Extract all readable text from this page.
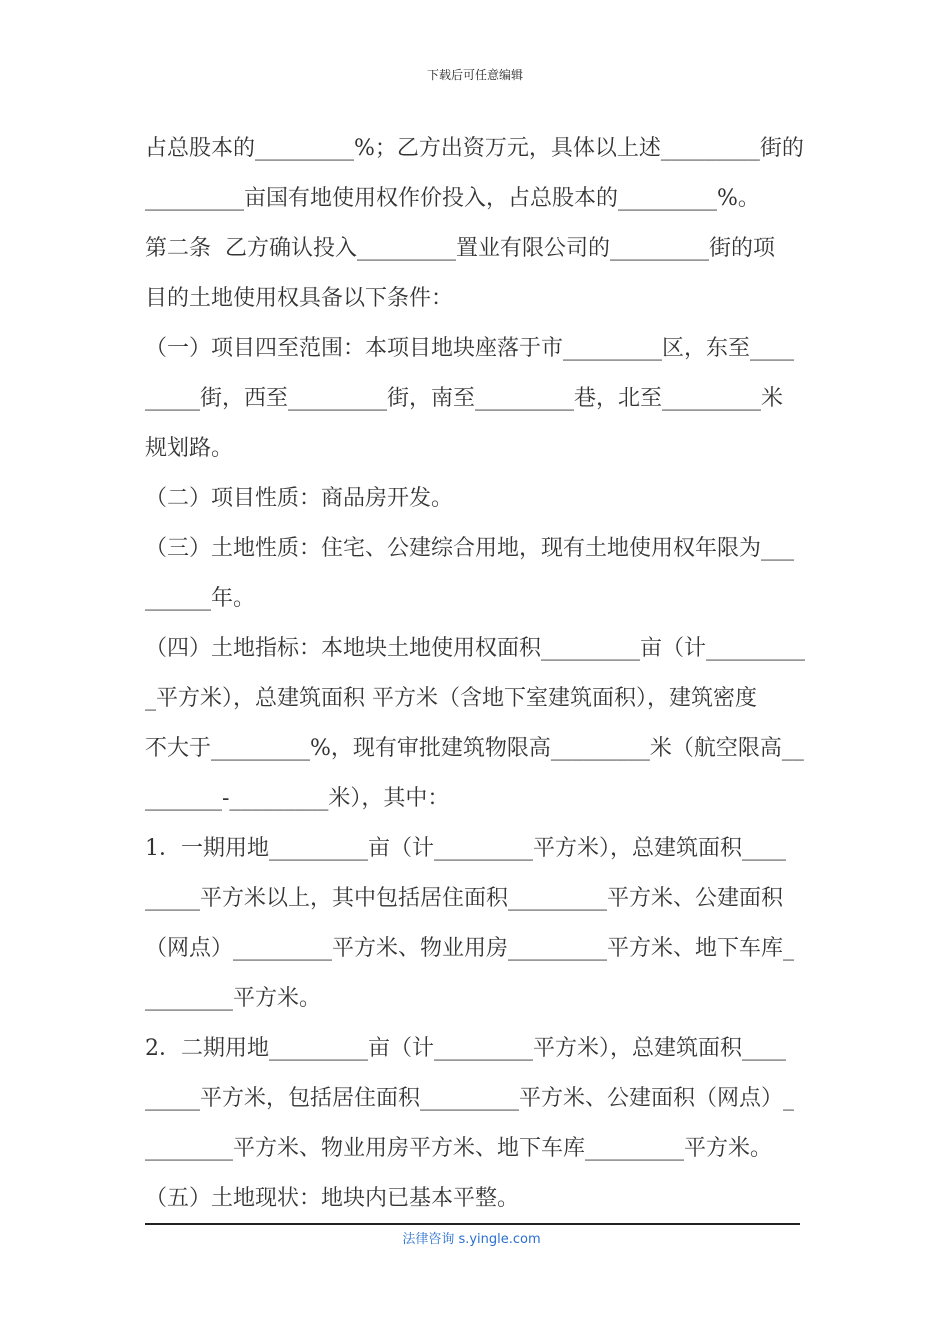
下载后可任意编辑
占总股本的_________%；乙方出资万元，具体以上述_________街的
_________亩国有地使用权作价投入，占总股本的_________%。
第二条  乙方确认投入_________置业有限公司的_________街的项
目的土地使用权具备以下条件：
（一）项目四至范围：本项目地块座落于市_________区，东至____
_____街，西至_________街，南至_________巷，北至_________米
规划路。
（二）项目性质：商品房开发。
（三）土地性质：住宅、公建综合用地，现有土地使用权年限为___
______年。
（四）土地指标：本地块土地使用权面积_________亩（计_________
_平方米），总建筑面积 平方米（含地下室建筑面积），建筑密度
不大于_________%，现有审批建筑物限高_________米（航空限高__
_______-_________米），其中：
1．一期用地_________亩（计_________平方米），总建筑面积____
_____平方米以上，其中包括居住面积_________平方米、公建面积
（网点）_________平方米、物业用房_________平方米、地下车库_
________平方米。
2．二期用地_________亩（计_________平方米），总建筑面积____
_____平方米，包括居住面积_________平方米、公建面积（网点）_
________平方米、物业用房平方米、地下车库_________平方米。
（五）土地现状：地块内已基本平整。
法律咨询 s.yingle.com
